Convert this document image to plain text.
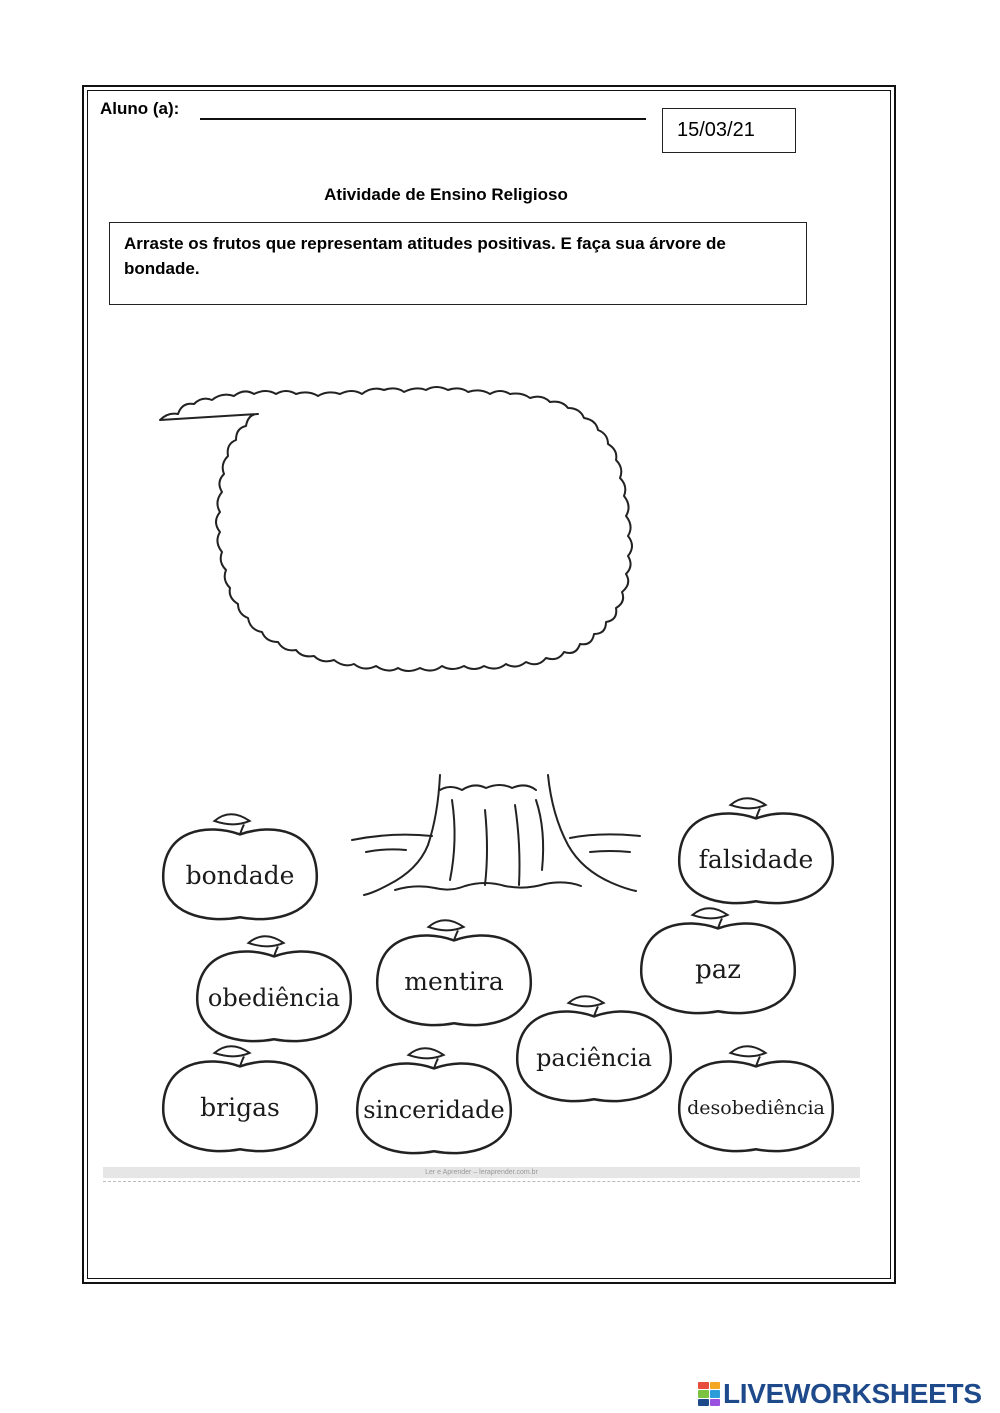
Aluno (a):
15/03/21
Atividade de Ensino Religioso
Arraste os frutos que representam atitudes positivas. E faça sua árvore de bondade.
bondade
falsidade
obediência
mentira	paz
paciência
brigas	sinceridade	desobediência
Ler e Aprender – leraprender.com.br
LIVEWORKSHEETS
